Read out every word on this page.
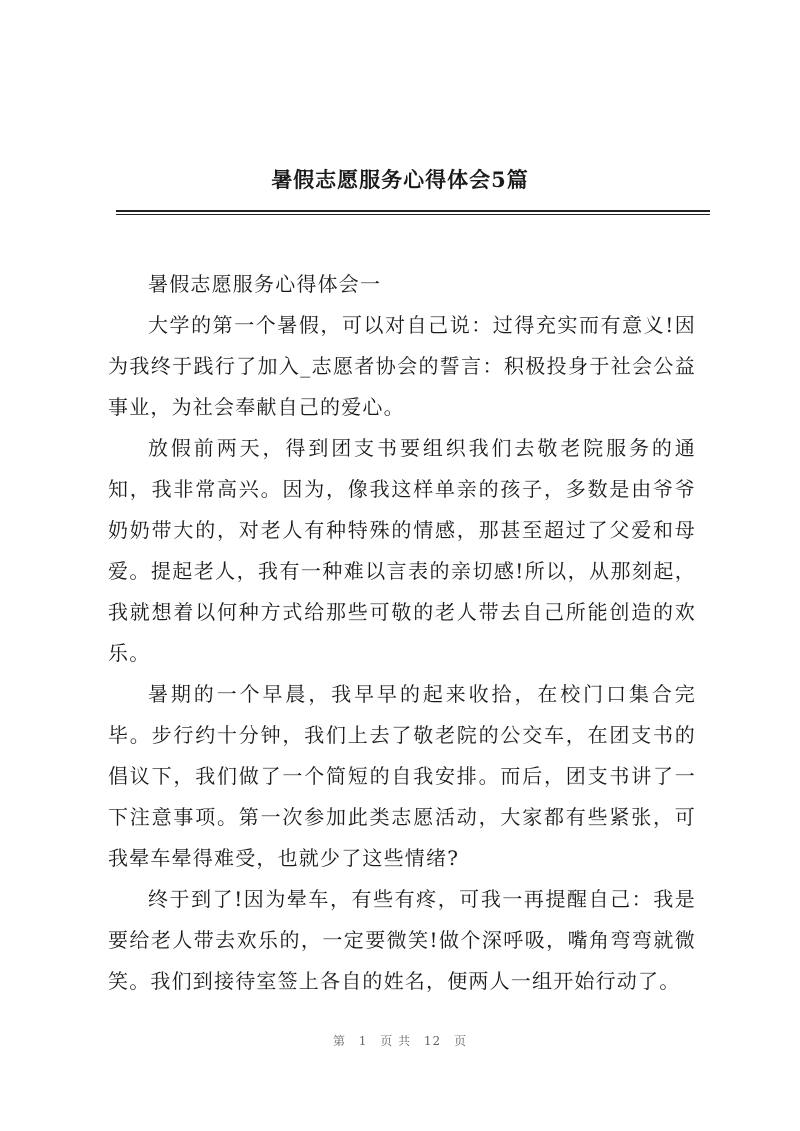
暑假志愿服务心得体会5篇

暑假志愿服务心得体会一

大学的第一个暑假，可以对自己说：过得充实而有意义!因为我终于践行了加入_志愿者协会的誓言：积极投身于社会公益事业，为社会奉献自己的爱心。

放假前两天，得到团支书要组织我们去敬老院服务的通知，我非常高兴。因为，像我这样单亲的孩子，多数是由爷爷奶奶带大的，对老人有种特殊的情感，那甚至超过了父爱和母爱。提起老人，我有一种难以言表的亲切感!所以，从那刻起，我就想着以何种方式给那些可敬的老人带去自己所能创造的欢乐。

暑期的一个早晨，我早早的起来收拾，在校门口集合完毕。步行约十分钟，我们上去了敬老院的公交车，在团支书的倡议下，我们做了一个简短的自我安排。而后，团支书讲了一下注意事项。第一次参加此类志愿活动，大家都有些紧张，可我晕车晕得难受，也就少了这些情绪?

终于到了!因为晕车，有些有疼，可我一再提醒自己：我是要给老人带去欢乐的，一定要微笑!做个深呼吸，嘴角弯弯就微笑。我们到接待室签上各自的姓名，便两人一组开始行动了。

第 1 页 共 12 页
